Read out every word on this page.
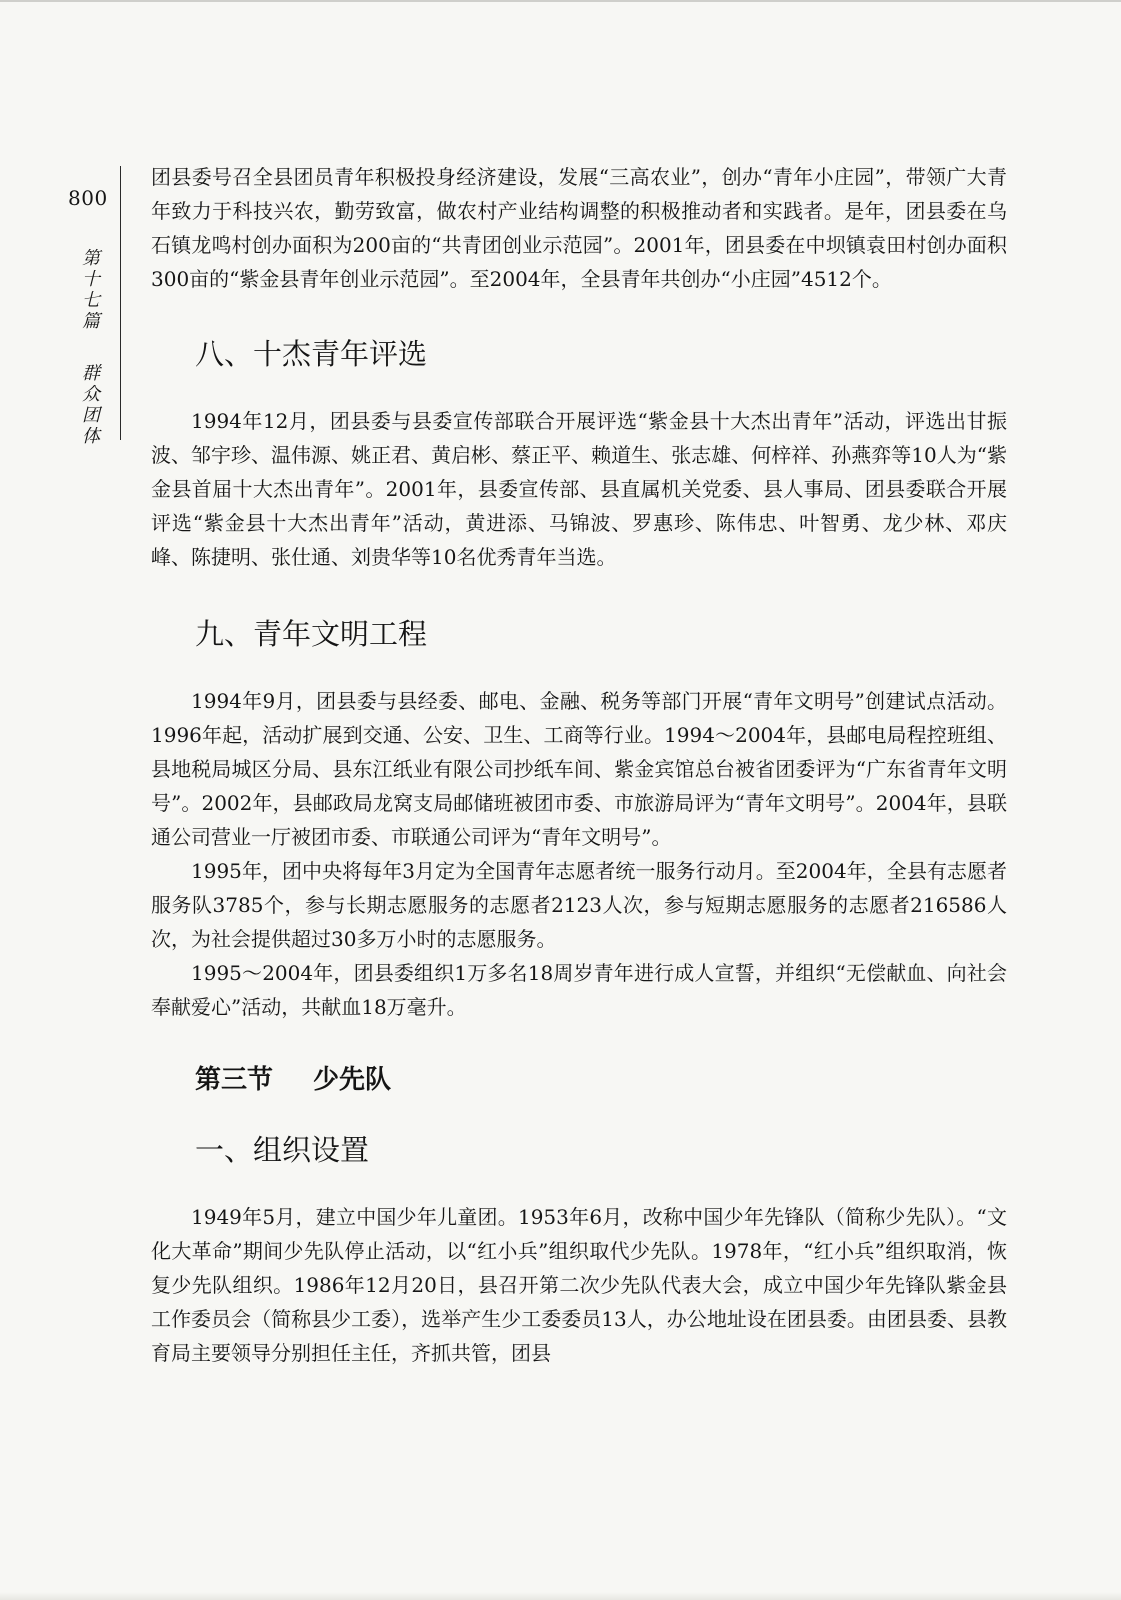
800
第十七篇  群众团体

团县委号召全县团员青年积极投身经济建设，发展“三高农业”，创办“青年小庄园”，带领广大青年致力于科技兴农，勤劳致富，做农村产业结构调整的积极推动者和实践者。是年，团县委在乌石镇龙鸣村创办面积为200亩的“共青团创业示范园”。2001年，团县委在中坝镇袁田村创办面积300亩的“紫金县青年创业示范园”。至2004年，全县青年共创办“小庄园”4512个。

八、十杰青年评选

1994年12月，团县委与县委宣传部联合开展评选“紫金县十大杰出青年”活动，评选出甘振波、邹宇珍、温伟源、姚正君、黄启彬、蔡正平、赖道生、张志雄、何梓祥、孙燕弈等10人为“紫金县首届十大杰出青年”。2001年，县委宣传部、县直属机关党委、县人事局、团县委联合开展评选“紫金县十大杰出青年”活动，黄进添、马锦波、罗惠珍、陈伟忠、叶智勇、龙少林、邓庆峰、陈捷明、张仕通、刘贵华等10名优秀青年当选。

九、青年文明工程

1994年9月，团县委与县经委、邮电、金融、税务等部门开展“青年文明号”创建试点活动。1996年起，活动扩展到交通、公安、卫生、工商等行业。1994～2004年，县邮电局程控班组、县地税局城区分局、县东江纸业有限公司抄纸车间、紫金宾馆总台被省团委评为“广东省青年文明号”。2002年，县邮政局龙窝支局邮储班被团市委、市旅游局评为“青年文明号”。2004年，县联通公司营业一厅被团市委、市联通公司评为“青年文明号”。

1995年，团中央将每年3月定为全国青年志愿者统一服务行动月。至2004年，全县有志愿者服务队3785个，参与长期志愿服务的志愿者2123人次，参与短期志愿服务的志愿者216586人次，为社会提供超过30多万小时的志愿服务。

1995～2004年，团县委组织1万多名18周岁青年进行成人宣誓，并组织“无偿献血、向社会奉献爱心”活动，共献血18万毫升。

第三节 少先队
一、组织设置

1949年5月，建立中国少年儿童团。1953年6月，改称中国少年先锋队（简称少先队）。“文化大革命”期间少先队停止活动，以“红小兵”组织取代少先队。1978年，“红小兵”组织取消，恢复少先队组织。1986年12月20日，县召开第二次少先队代表大会，成立中国少年先锋队紫金县工作委员会（简称县少工委），选举产生少工委委员13人，办公地址设在团县委。由团县委、县教育局主要领导分别担任主任，齐抓共管，团县
